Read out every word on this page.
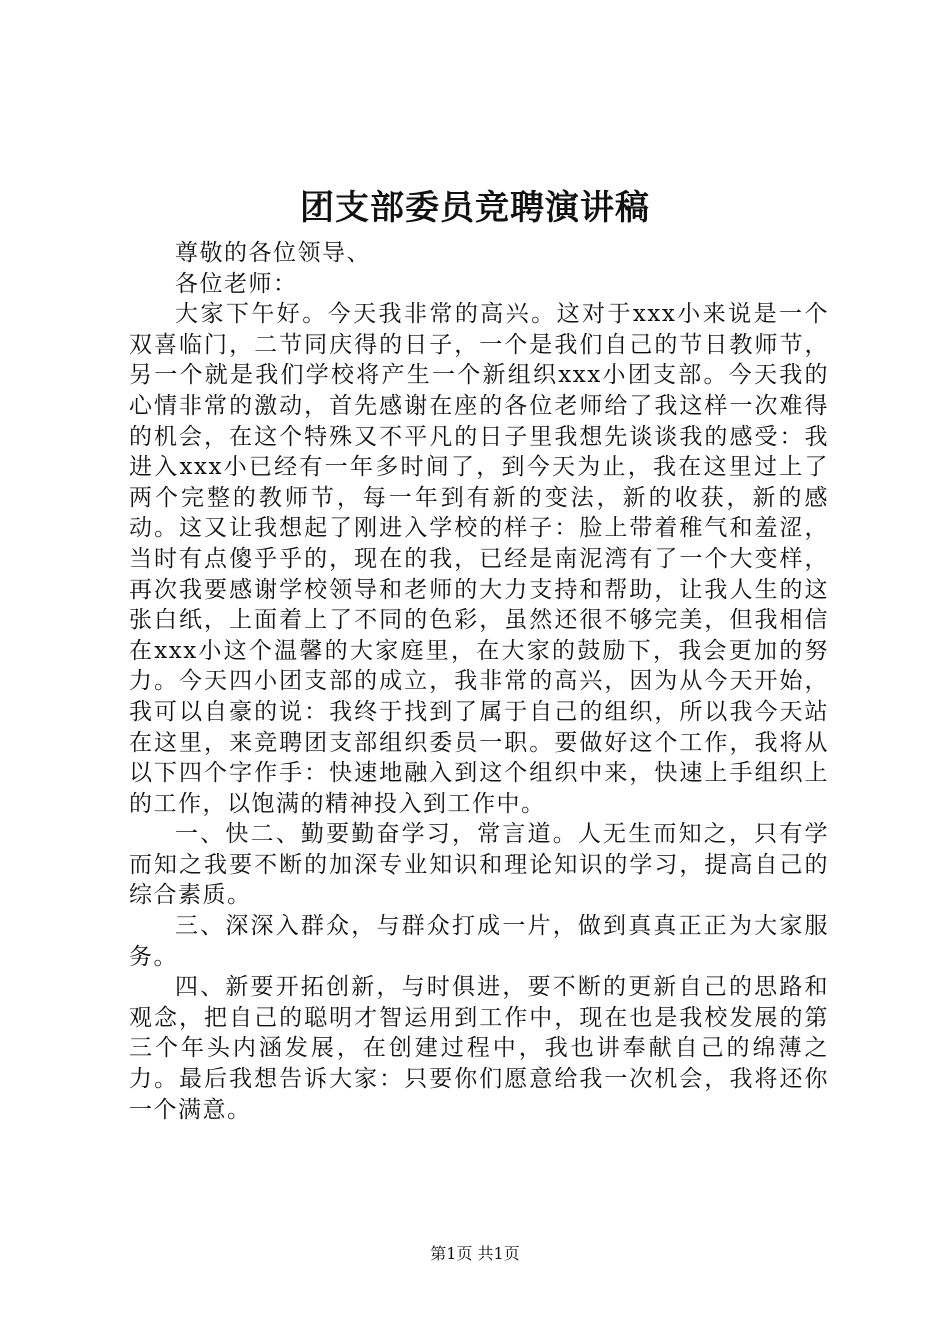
团支部委员竞聘演讲稿

尊敬的各位领导、

各位老师：

大家下午好。今天我非常的高兴。这对于xxx小来说是一个双喜临门，二节同庆得的日子，一个是我们自己的节日教师节，另一个就是我们学校将产生一个新组织xxx小团支部。今天我的心情非常的激动，首先感谢在座的各位老师给了我这样一次难得的机会，在这个特殊又不平凡的日子里我想先谈谈我的感受：我进入xxx小已经有一年多时间了，到今天为止，我在这里过上了两个完整的教师节，每一年到有新的变法，新的收获，新的感动。这又让我想起了刚进入学校的样子：脸上带着稚气和羞涩，当时有点傻乎乎的，现在的我，已经是南泥湾有了一个大变样，再次我要感谢学校领导和老师的大力支持和帮助，让我人生的这张白纸，上面着上了不同的色彩，虽然还很不够完美，但我相信在xxx小这个温馨的大家庭里，在大家的鼓励下，我会更加的努力。今天四小团支部的成立，我非常的高兴，因为从今天开始，我可以自豪的说：我终于找到了属于自己的组织，所以我今天站在这里，来竞聘团支部组织委员一职。要做好这个工作，我将从以下四个字作手：快速地融入到这个组织中来，快速上手组织上的工作，以饱满的精神投入到工作中。

一、快二、勤要勤奋学习，常言道。人无生而知之，只有学而知之我要不断的加深专业知识和理论知识的学习，提高自己的综合素质。

三、深深入群众，与群众打成一片，做到真真正正为大家服务。

四、新要开拓创新，与时俱进，要不断的更新自己的思路和观念，把自己的聪明才智运用到工作中，现在也是我校发展的第三个年头内涵发展，在创建过程中，我也讲奉献自己的绵薄之力。最后我想告诉大家：只要你们愿意给我一次机会，我将还你一个满意。

第1页 共1页
